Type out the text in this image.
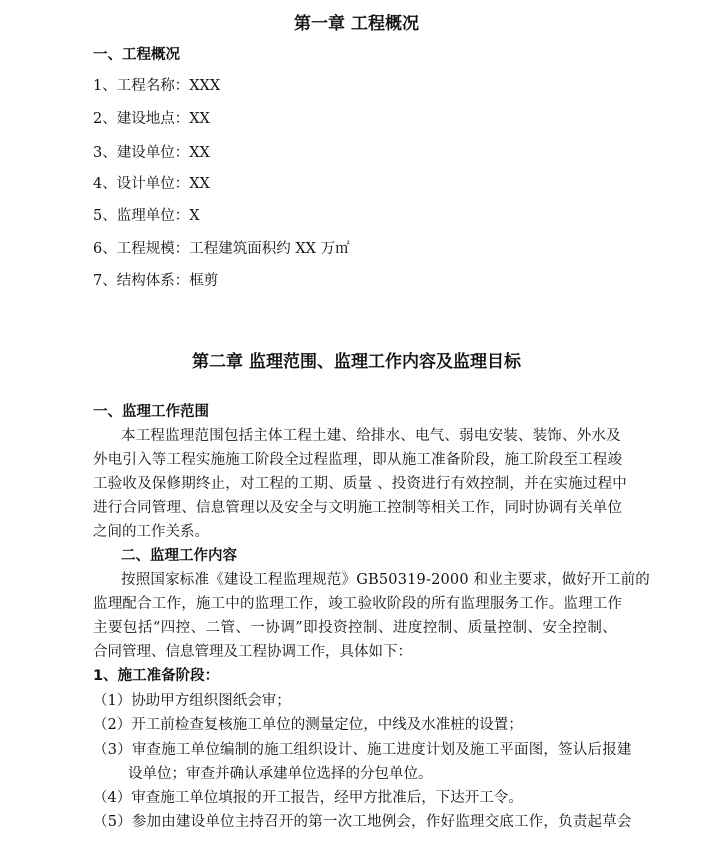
第一章 工程概况
一、工程概况
1、工程名称：XXX
2、建设地点：XX
3、建设单位：XX
4、设计单位：XX
5、监理单位：X
6、工程规模：工程建筑面积约 XX 万㎡
7、结构体系：框剪
第二章 监理范围、监理工作内容及监理目标
一、监理工作范围
本工程监理范围包括主体工程土建、给排水、电气、弱电安装、装饰、外水及
外电引入等工程实施施工阶段全过程监理，即从施工准备阶段，施工阶段至工程竣
工验收及保修期终止，对工程的工期、质量 、投资进行有效控制，并在实施过程中
进行合同管理、信息管理以及安全与文明施工控制等相关工作，同时协调有关单位
之间的工作关系。
二、监理工作内容
按照国家标准《建设工程监理规范》GB50319-2000 和业主要求，做好开工前的
监理配合工作，施工中的监理工作，竣工验收阶段的所有监理服务工作。监理工作
主要包括“四控、二管、一协调”即投资控制、进度控制、质量控制、安全控制、
合同管理、信息管理及工程协调工作，具体如下：
1、施工准备阶段：
（1）协助甲方组织图纸会审；
（2）开工前检查复核施工单位的测量定位，中线及水准桩的设置；
（3）审查施工单位编制的施工组织设计、施工进度计划及施工平面图，签认后报建
设单位；审查并确认承建单位选择的分包单位。
（4）审查施工单位填报的开工报告，经甲方批准后，下达开工令。
（5）参加由建设单位主持召开的第一次工地例会，作好监理交底工作，负责起草会
